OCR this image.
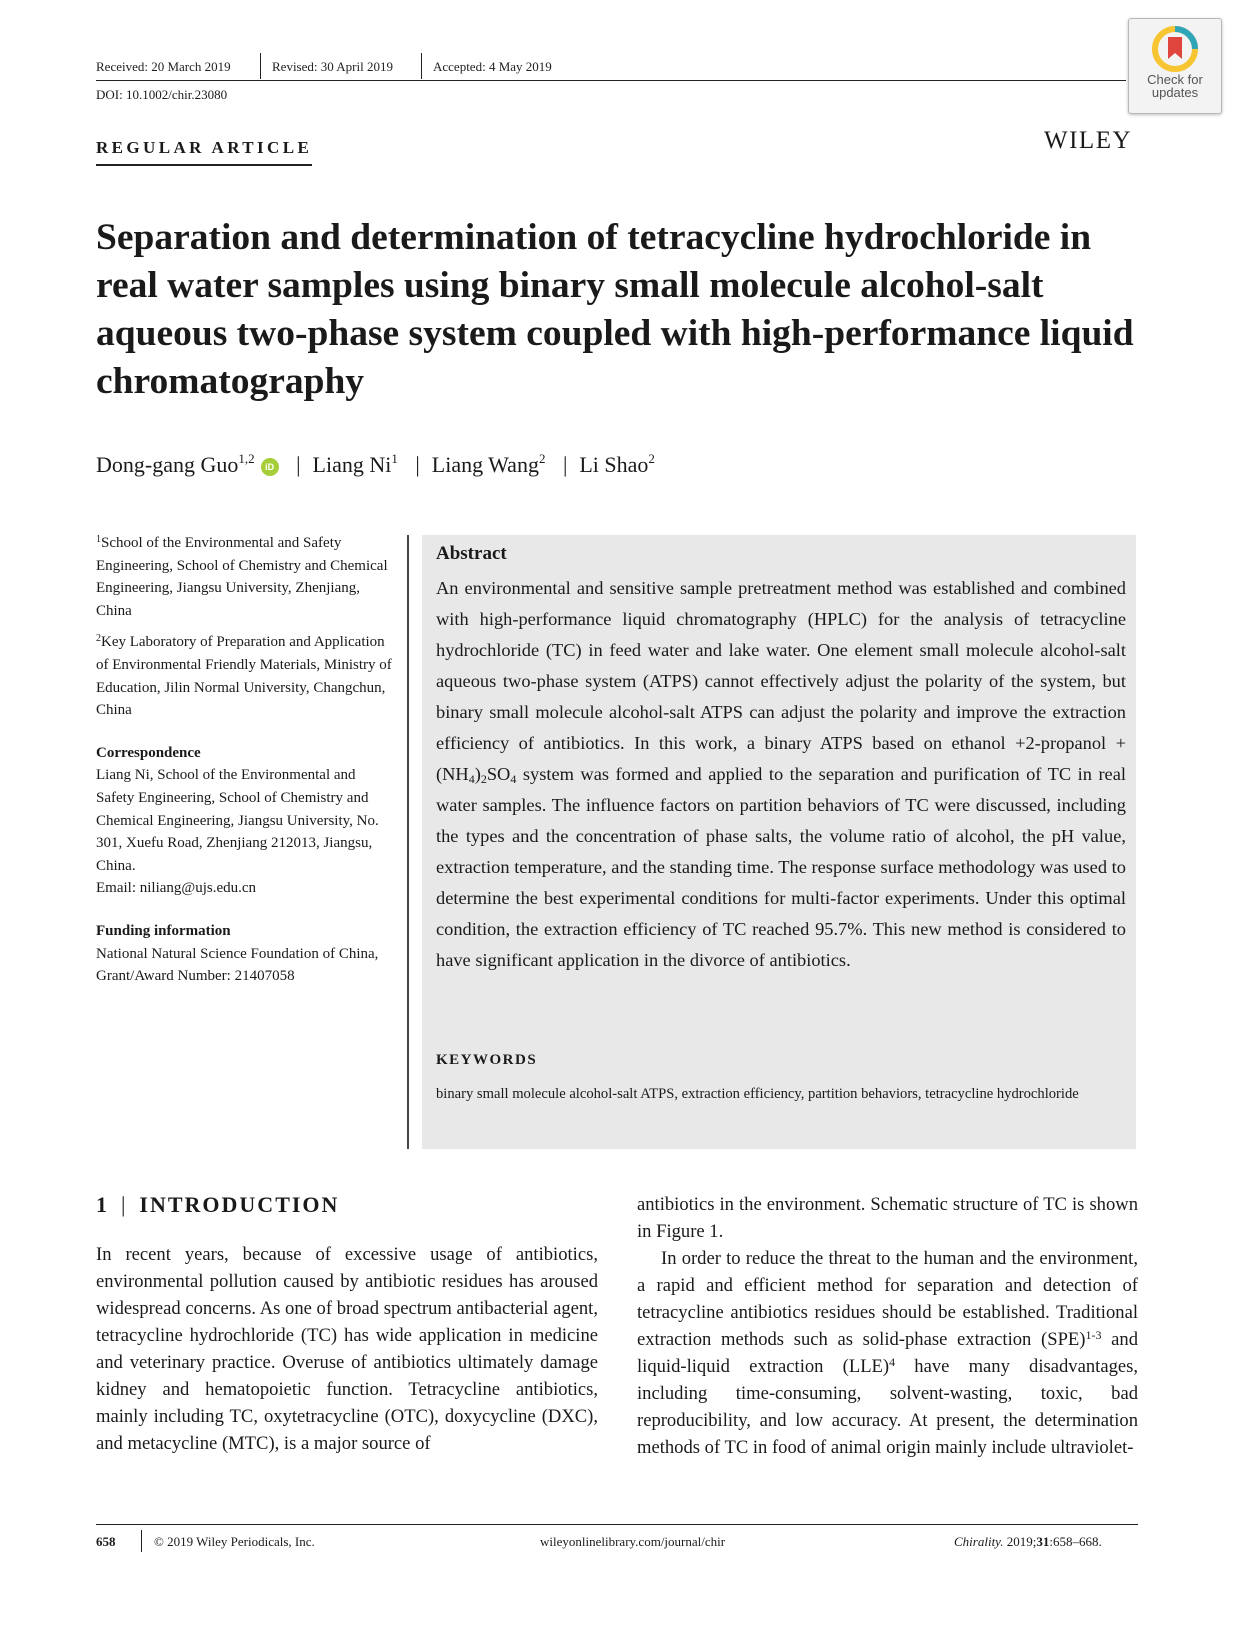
Received: 20 March 2019	Revised: 30 April 2019	Accepted: 4 May 2019
DOI: 10.1002/chir.23080
Check for
updates
REGULAR ARTICLE	WILEY
Separation and determination of tetracycline hydrochloride in real water samples using binary small molecule alcohol-salt aqueous two-phase system coupled with high-performance liquid chromatography
Dong-gang Guo$^{1,2}$iD | Liang Ni$^1$ | Liang Wang$^2$ | Li Shao$^2$

$^1$School of the Environmental and Safety Engineering, School of Chemistry and Chemical Engineering, Jiangsu University, Zhenjiang, China

$^2$Key Laboratory of Preparation and Application of Environmental Friendly Materials, Ministry of Education, Jilin Normal University, Changchun, China

Correspondence
Liang Ni, School of the Environmental and Safety Engineering, School of Chemistry and Chemical Engineering, Jiangsu University, No. 301, Xuefu Road, Zhenjiang 212013, Jiangsu, China.
Email: niliang@ujs.edu.cn
Funding information
National Natural Science Foundation of China, Grant/Award Number: 21407058
Abstract

An environmental and sensitive sample pretreatment method was established and combined with high-performance liquid chromatography (HPLC) for the analysis of tetracycline hydrochloride (TC) in feed water and lake water. One element small molecule alcohol-salt aqueous two-phase system (ATPS) cannot effectively adjust the polarity of the system, but binary small molecule alcohol-salt ATPS can adjust the polarity and improve the extraction efficiency of antibiotics. In this work, a binary ATPS based on ethanol +2-propanol + $(NH_4)_2SO_4$ system was formed and applied to the separation and purification of TC in real water samples. The influence factors on partition behaviors of TC were discussed, including the types and the concentration of phase salts, the volume ratio of alcohol, the pH value, extraction temperature, and the standing time. The response surface methodology was used to determine the best experimental conditions for multi-factor experiments. Under this optimal condition, the extraction efficiency of TC reached 95.7%. This new method is considered to have significant application in the divorce of antibiotics.

KEYWORDS

binary small molecule alcohol-salt ATPS, extraction efficiency, partition behaviors, tetracycline hydrochloride

1 | INTRODUCTION

In recent years, because of excessive usage of antibiotics, environmental pollution caused by antibiotic residues has aroused widespread concerns. As one of broad spectrum antibacterial agent, tetracycline hydrochloride (TC) has wide application in medicine and veterinary practice. Overuse of antibiotics ultimately damage kidney and hematopoietic function. Tetracycline antibiotics, mainly including TC, oxytetracycline (OTC), doxycycline (DXC), and metacycline (MTC), is a major source of

antibiotics in the environment. Schematic structure of TC is shown in Figure 1.

In order to reduce the threat to the human and the environment, a rapid and efficient method for separation and detection of tetracycline antibiotics residues should be established. Traditional extraction methods such as solid-phase extraction (SPE)$^{1-3}$ and liquid-liquid extraction (LLE)$^4$ have many disadvantages, including time-consuming, solvent-wasting, toxic, bad reproducibility, and low accuracy. At present, the determination methods of TC in food of animal origin mainly include ultraviolet-

658	© 2019 Wiley Periodicals, Inc.	wileyonlinelibrary.com/journal/chir	Chirality. 2019;31:658–668.
